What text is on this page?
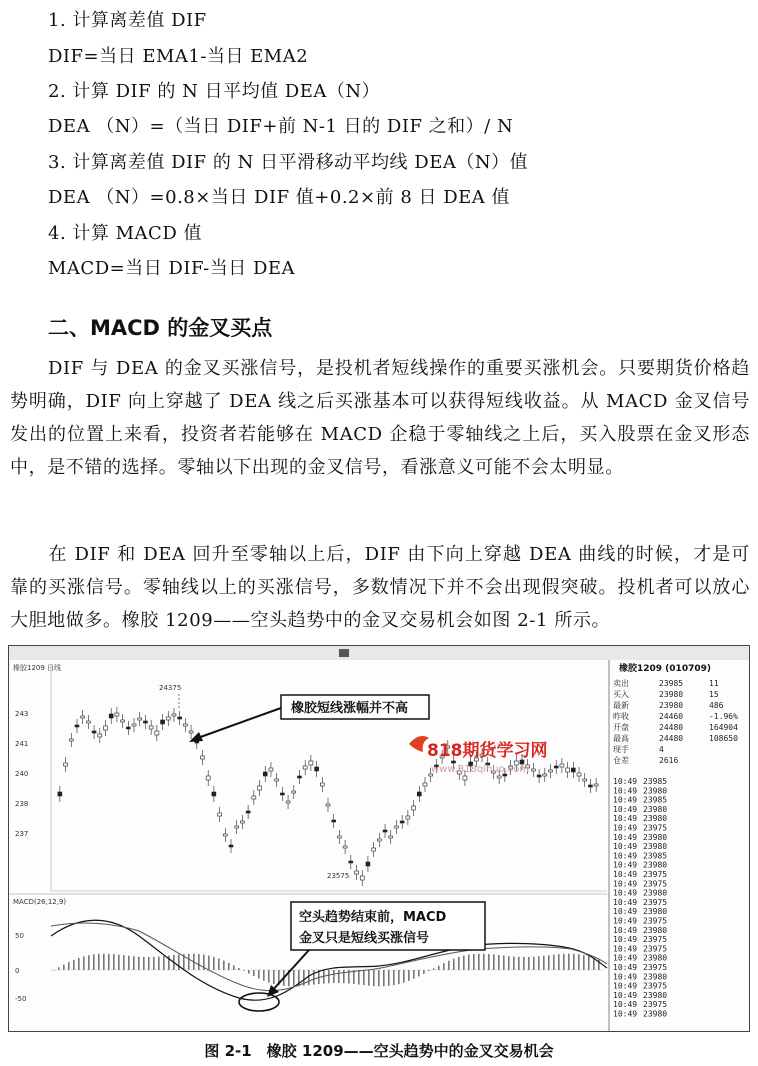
1. 计算离差值 DIF
DIF=当日 EMA1-当日 EMA2
2. 计算 DIF 的 N 日平均值 DEA（N）
DEA （N）=（当日 DIF+前 N-1 日的 DIF 之和）/ N
3. 计算离差值 DIF 的 N 日平滑移动平均线 DEA（N）值
DEA （N）=0.8×当日 DIF 值+0.2×前 8 日 DEA 值
4. 计算 MACD 值
MACD=当日 DIF-当日 DEA
二、MACD 的金叉买点
DIF 与 DEA 的金叉买涨信号，是投机者短线操作的重要买涨机会。只要期货价格趋势明确，DIF 向上穿越了 DEA 线之后买涨基本可以获得短线收益。从 MACD 金叉信号发出的位置上来看，投资者若能够在 MACD 企稳于零轴线之上后，买入股票在金叉形态中，是不错的选择。零轴以下出现的金叉信号，看涨意义可能不会太明显。
在 DIF 和 DEA 回升至零轴以上后，DIF 由下向上穿越 DEA 曲线的时候，才是可靠的买涨信号。零轴线以上的买涨信号，多数情况下并不会出现假突破。投机者可以放心大胆地做多。橡胶 1209——空头趋势中的金叉交易机会如图 2-1 所示。
橡胶1209 日线
24375
23575
243
241
240
238
237
橡胶短线涨幅并不高
818期货学习网
www.818qihuo.com
MACD(26,12,9)
50
0
-50
空头趋势结束前，MACD
金叉只是短线买涨信号
橡胶1209 (010709)
卖出	23985	11
买入	23980	15
最新	23980	486
昨收	24460	-1.96%
开盘	24480	164904
最高	24480	108650
现手	4
仓差	2616
10:49 23985
10:49 23980
10:49 23985
10:49 23980
10:49 23980
10:49 23975
10:49 23980
10:49 23980
10:49 23985
10:49 23980
10:49 23975
10:49 23975
10:49 23980
10:49 23975
10:49 23980
10:49 23975
10:49 23980
10:49 23975
10:49 23975
10:49 23980
10:49 23975
10:49 23980
10:49 23975
10:49 23980
10:49 23975
10:49 23980
图 2-1　橡胶 1209——空头趋势中的金叉交易机会
